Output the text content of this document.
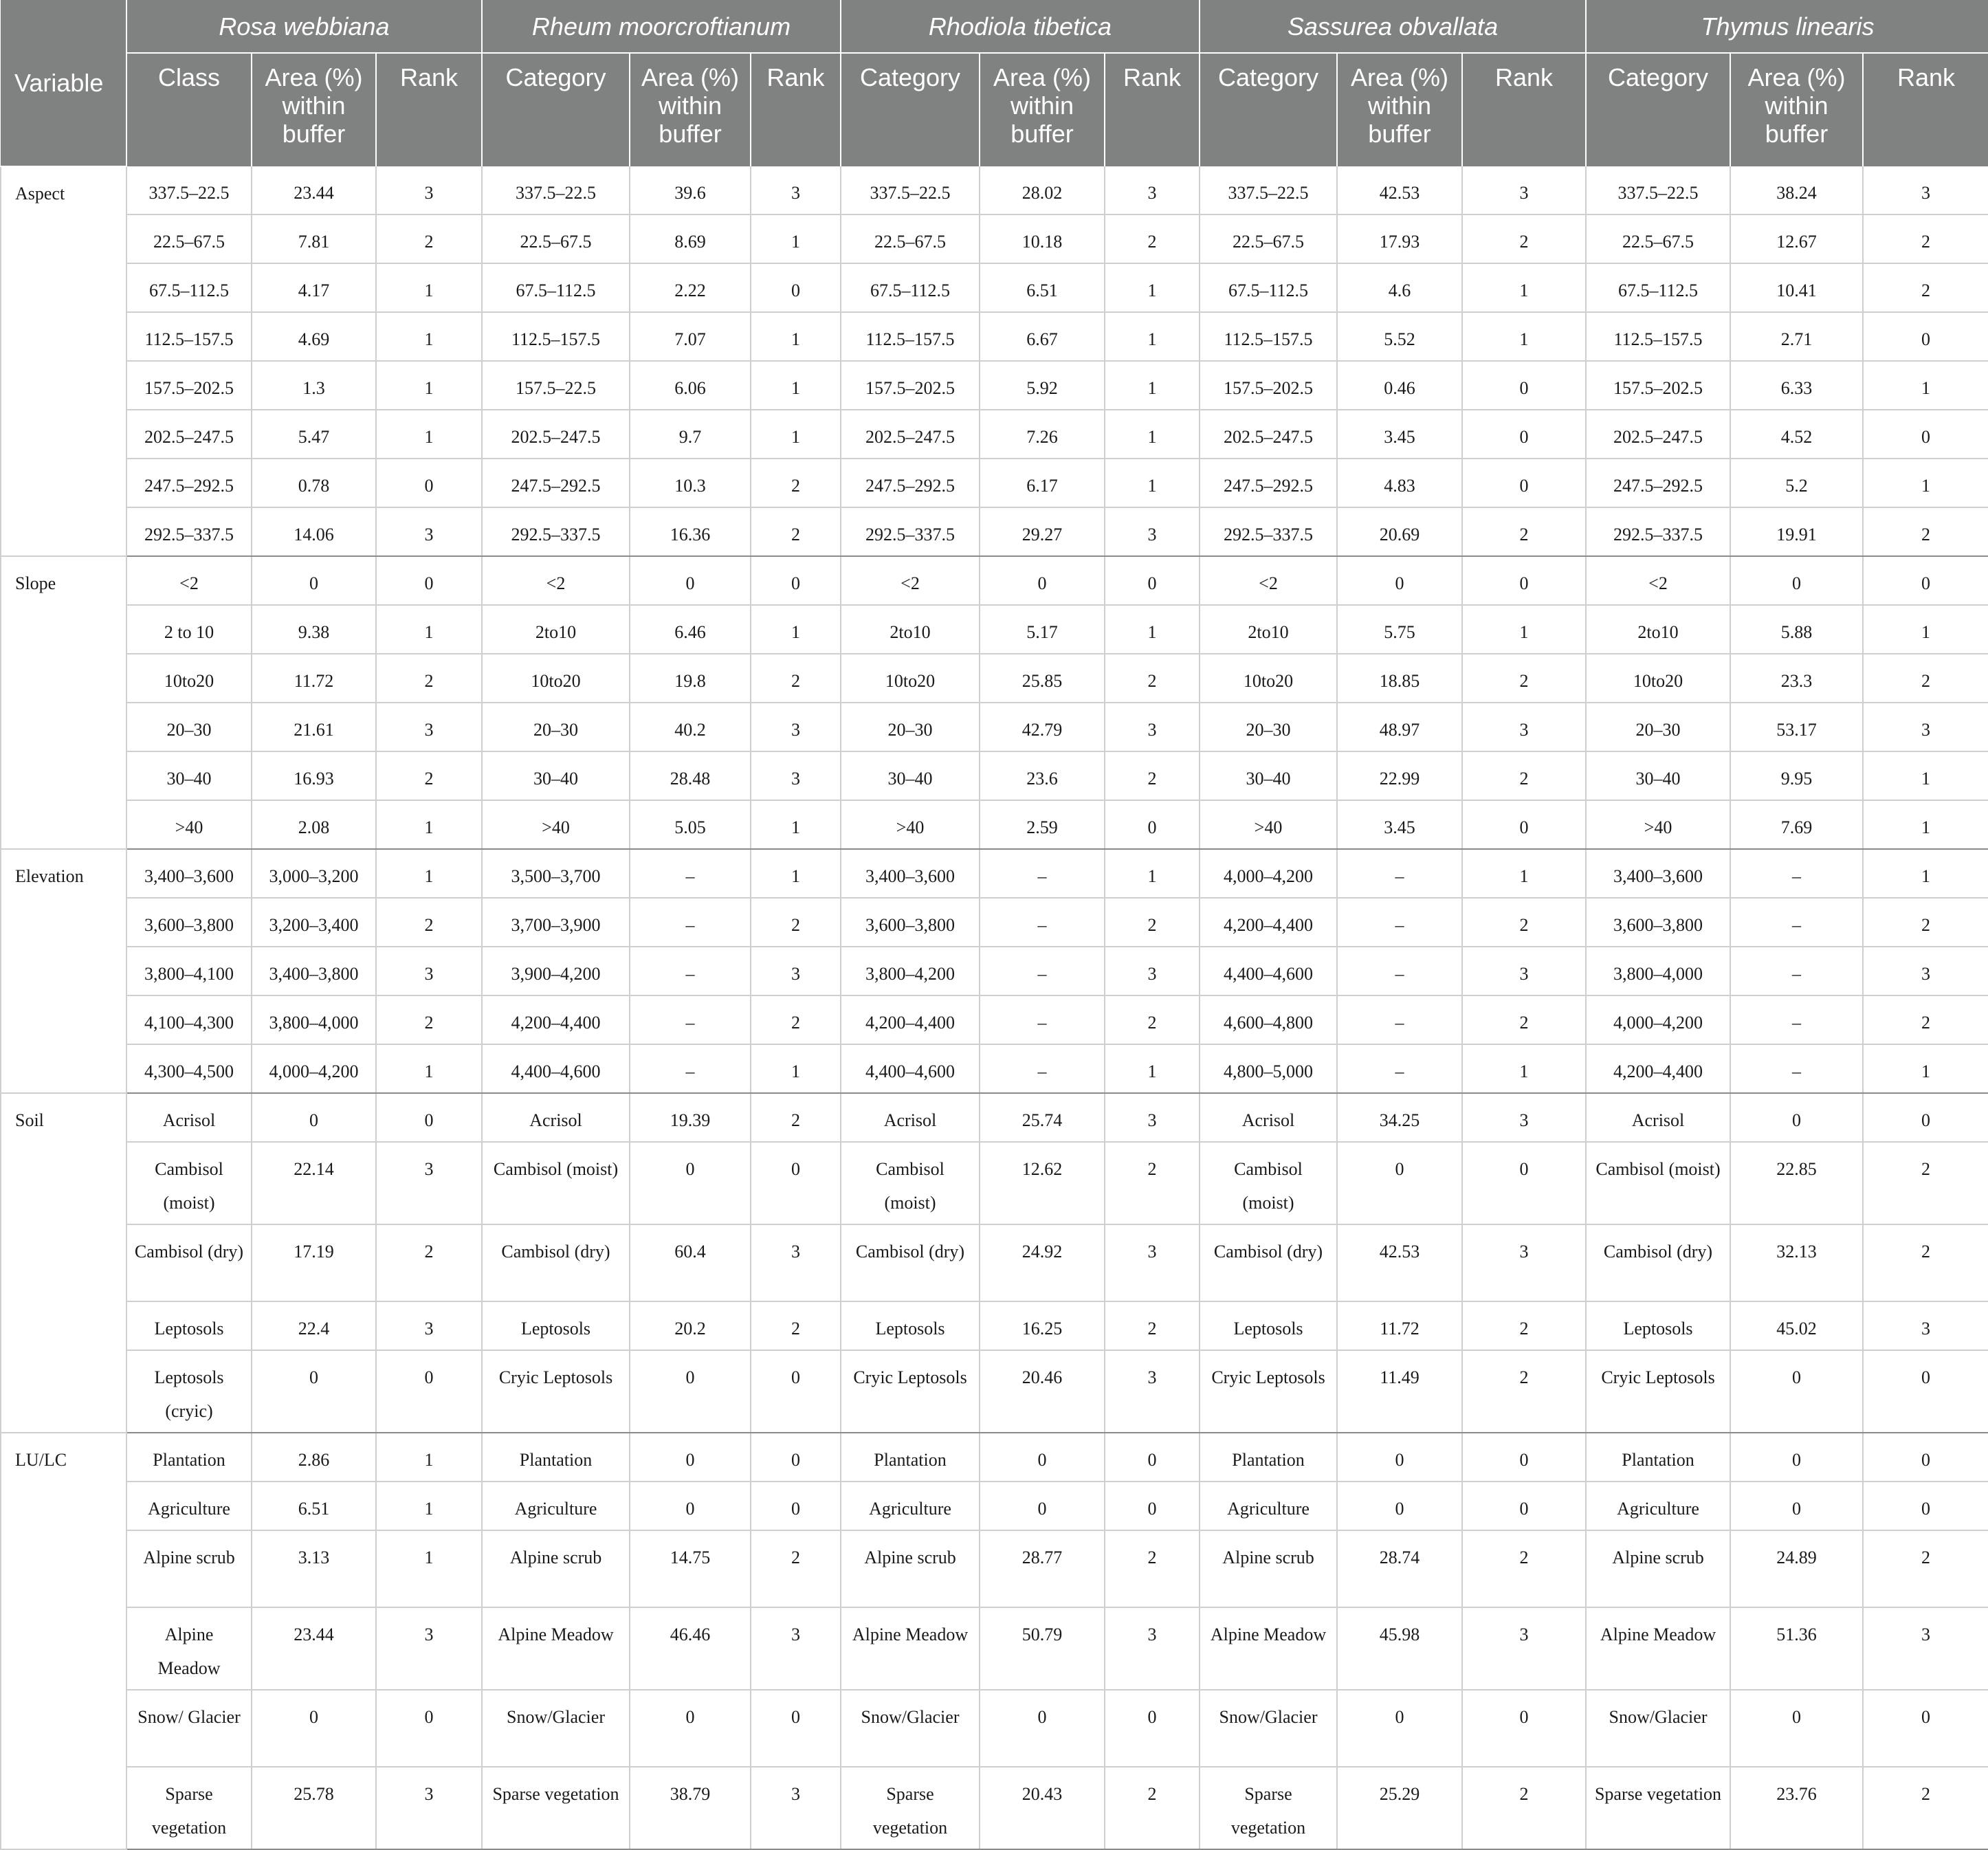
Variable	Rosa webbiana			Rheum moorcroftianum			Rhodiola tibetica			Sassurea obvallata			Thymus linearis		
	Class	Area (%) within buffer	Rank	Category	Area (%) within buffer	Rank	Category	Area (%) within buffer	Rank	Category	Area (%) within buffer	Rank	Category	Area (%) within buffer	Rank
Aspect	337.5–22.5	23.44	3	337.5–22.5	39.6	3	337.5–22.5	28.02	3	337.5–22.5	42.53	3	337.5–22.5	38.24	3
	22.5–67.5	7.81	2	22.5–67.5	8.69	1	22.5–67.5	10.18	2	22.5–67.5	17.93	2	22.5–67.5	12.67	2
	67.5–112.5	4.17	1	67.5–112.5	2.22	0	67.5–112.5	6.51	1	67.5–112.5	4.6	1	67.5–112.5	10.41	2
	112.5–157.5	4.69	1	112.5–157.5	7.07	1	112.5–157.5	6.67	1	112.5–157.5	5.52	1	112.5–157.5	2.71	0
	157.5–202.5	1.3	1	157.5–22.5	6.06	1	157.5–202.5	5.92	1	157.5–202.5	0.46	0	157.5–202.5	6.33	1
	202.5–247.5	5.47	1	202.5–247.5	9.7	1	202.5–247.5	7.26	1	202.5–247.5	3.45	0	202.5–247.5	4.52	0
	247.5–292.5	0.78	0	247.5–292.5	10.3	2	247.5–292.5	6.17	1	247.5–292.5	4.83	0	247.5–292.5	5.2	1
	292.5–337.5	14.06	3	292.5–337.5	16.36	2	292.5–337.5	29.27	3	292.5–337.5	20.69	2	292.5–337.5	19.91	2
Slope	<2	0	0	<2	0	0	<2	0	0	<2	0	0	<2	0	0
	2 to 10	9.38	1	2to10	6.46	1	2to10	5.17	1	2to10	5.75	1	2to10	5.88	1
	10to20	11.72	2	10to20	19.8	2	10to20	25.85	2	10to20	18.85	2	10to20	23.3	2
	20–30	21.61	3	20–30	40.2	3	20–30	42.79	3	20–30	48.97	3	20–30	53.17	3
	30–40	16.93	2	30–40	28.48	3	30–40	23.6	2	30–40	22.99	2	30–40	9.95	1
	>40	2.08	1	>40	5.05	1	>40	2.59	0	>40	3.45	0	>40	7.69	1
Elevation	3,400–3,600	3,000–3,200	1	3,500–3,700	–	1	3,400–3,600	–	1	4,000–4,200	–	1	3,400–3,600	–	1
	3,600–3,800	3,200–3,400	2	3,700–3,900	–	2	3,600–3,800	–	2	4,200–4,400	–	2	3,600–3,800	–	2
	3,800–4,100	3,400–3,800	3	3,900–4,200	–	3	3,800–4,200	–	3	4,400–4,600	–	3	3,800–4,000	–	3
	4,100–4,300	3,800–4,000	2	4,200–4,400	–	2	4,200–4,400	–	2	4,600–4,800	–	2	4,000–4,200	–	2
	4,300–4,500	4,000–4,200	1	4,400–4,600	–	1	4,400–4,600	–	1	4,800–5,000	–	1	4,200–4,400	–	1
Soil	Acrisol	0	0	Acrisol	19.39	2	Acrisol	25.74	3	Acrisol	34.25	3	Acrisol	0	0
	Cambisol (moist)	22.14	3	Cambisol (moist)	0	0	Cambisol (moist)	12.62	2	Cambisol (moist)	0	0	Cambisol (moist)	22.85	2
	Cambisol (dry)	17.19	2	Cambisol (dry)	60.4	3	Cambisol (dry)	24.92	3	Cambisol (dry)	42.53	3	Cambisol (dry)	32.13	2
	Leptosols	22.4	3	Leptosols	20.2	2	Leptosols	16.25	2	Leptosols	11.72	2	Leptosols	45.02	3
	Leptosols (cryic)	0	0	Cryic Leptosols	0	0	Cryic Leptosols	20.46	3	Cryic Leptosols	11.49	2	Cryic Leptosols	0	0
LU/LC	Plantation	2.86	1	Plantation	0	0	Plantation	0	0	Plantation	0	0	Plantation	0	0
	Agriculture	6.51	1	Agriculture	0	0	Agriculture	0	0	Agriculture	0	0	Agriculture	0	0
	Alpine scrub	3.13	1	Alpine scrub	14.75	2	Alpine scrub	28.77	2	Alpine scrub	28.74	2	Alpine scrub	24.89	2
	Alpine Meadow	23.44	3	Alpine Meadow	46.46	3	Alpine Meadow	50.79	3	Alpine Meadow	45.98	3	Alpine Meadow	51.36	3
	Snow/ Glacier	0	0	Snow/Glacier	0	0	Snow/Glacier	0	0	Snow/Glacier	0	0	Snow/Glacier	0	0
	Sparse vegetation	25.78	3	Sparse vegetation	38.79	3	Sparse vegetation	20.43	2	Sparse vegetation	25.29	2	Sparse vegetation	23.76	2
